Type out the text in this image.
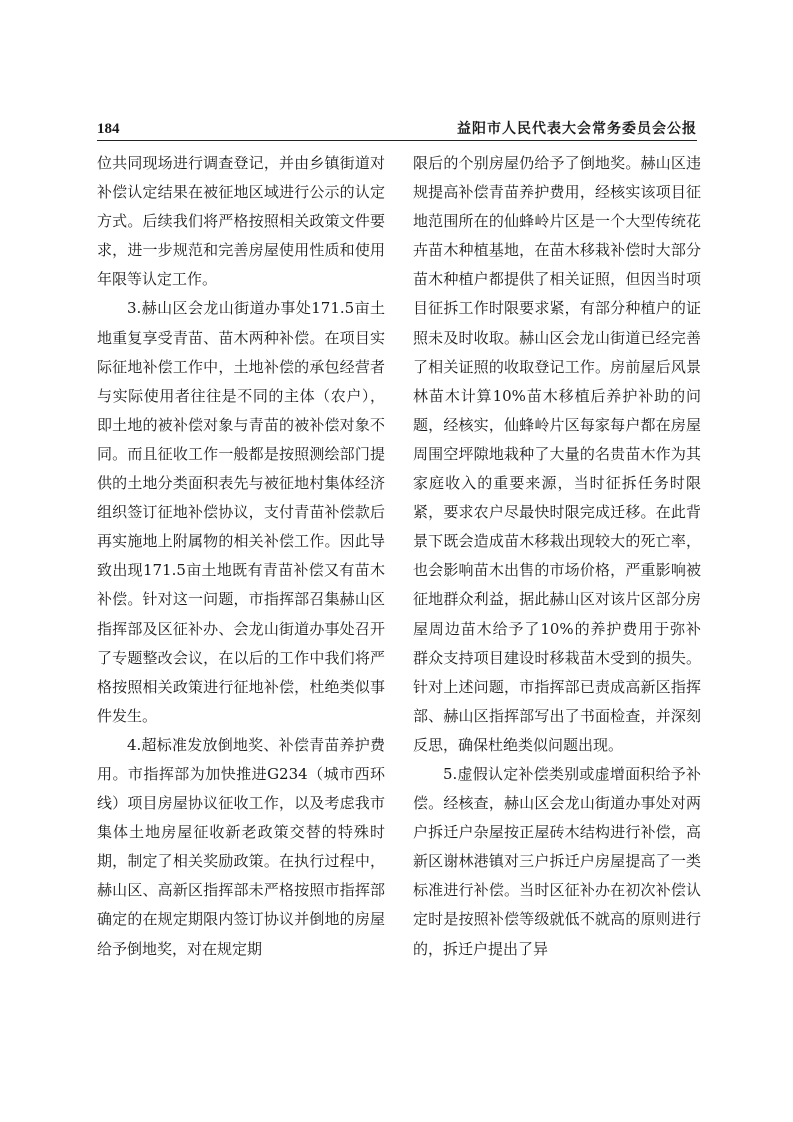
184	益阳市人民代表大会常务委员会公报

位共同现场进行调查登记，并由乡镇街道对补偿认定结果在被征地区域进行公示的认定方式。后续我们将严格按照相关政策文件要求，进一步规范和完善房屋使用性质和使用年限等认定工作。

3.赫山区会龙山街道办事处171.5亩土地重复享受青苗、苗木两种补偿。在项目实际征地补偿工作中，土地补偿的承包经营者与实际使用者往往是不同的主体（农户），即土地的被补偿对象与青苗的被补偿对象不同。而且征收工作一般都是按照测绘部门提供的土地分类面积表先与被征地村集体经济组织签订征地补偿协议，支付青苗补偿款后再实施地上附属物的相关补偿工作。因此导致出现171.5亩土地既有青苗补偿又有苗木补偿。针对这一问题，市指挥部召集赫山区指挥部及区征补办、会龙山街道办事处召开了专题整改会议，在以后的工作中我们将严格按照相关政策进行征地补偿，杜绝类似事件发生。

4.超标准发放倒地奖、补偿青苗养护费用。市指挥部为加快推进G234（城市西环线）项目房屋协议征收工作，以及考虑我市集体土地房屋征收新老政策交替的特殊时期，制定了相关奖励政策。在执行过程中，赫山区、高新区指挥部未严格按照市指挥部确定的在规定期限内签订协议并倒地的房屋给予倒地奖，对在规定期

限后的个别房屋仍给予了倒地奖。赫山区违规提高补偿青苗养护费用，经核实该项目征地范围所在的仙蜂岭片区是一个大型传统花卉苗木种植基地，在苗木移栽补偿时大部分苗木种植户都提供了相关证照，但因当时项目征拆工作时限要求紧，有部分种植户的证照未及时收取。赫山区会龙山街道已经完善了相关证照的收取登记工作。房前屋后风景林苗木计算10%苗木移植后养护补助的问题，经核实，仙蜂岭片区每家每户都在房屋周围空坪隙地栽种了大量的名贵苗木作为其家庭收入的重要来源，当时征拆任务时限紧，要求农户尽最快时限完成迁移。在此背景下既会造成苗木移栽出现较大的死亡率，也会影响苗木出售的市场价格，严重影响被征地群众利益，据此赫山区对该片区部分房屋周边苗木给予了10%的养护费用于弥补群众支持项目建设时移栽苗木受到的损失。针对上述问题，市指挥部已责成高新区指挥部、赫山区指挥部写出了书面检查，并深刻反思，确保杜绝类似问题出现。

5.虚假认定补偿类别或虚增面积给予补偿。经核查，赫山区会龙山街道办事处对两户拆迁户杂屋按正屋砖木结构进行补偿，高新区谢林港镇对三户拆迁户房屋提高了一类标准进行补偿。当时区征补办在初次补偿认定时是按照补偿等级就低不就高的原则进行的，拆迁户提出了异
